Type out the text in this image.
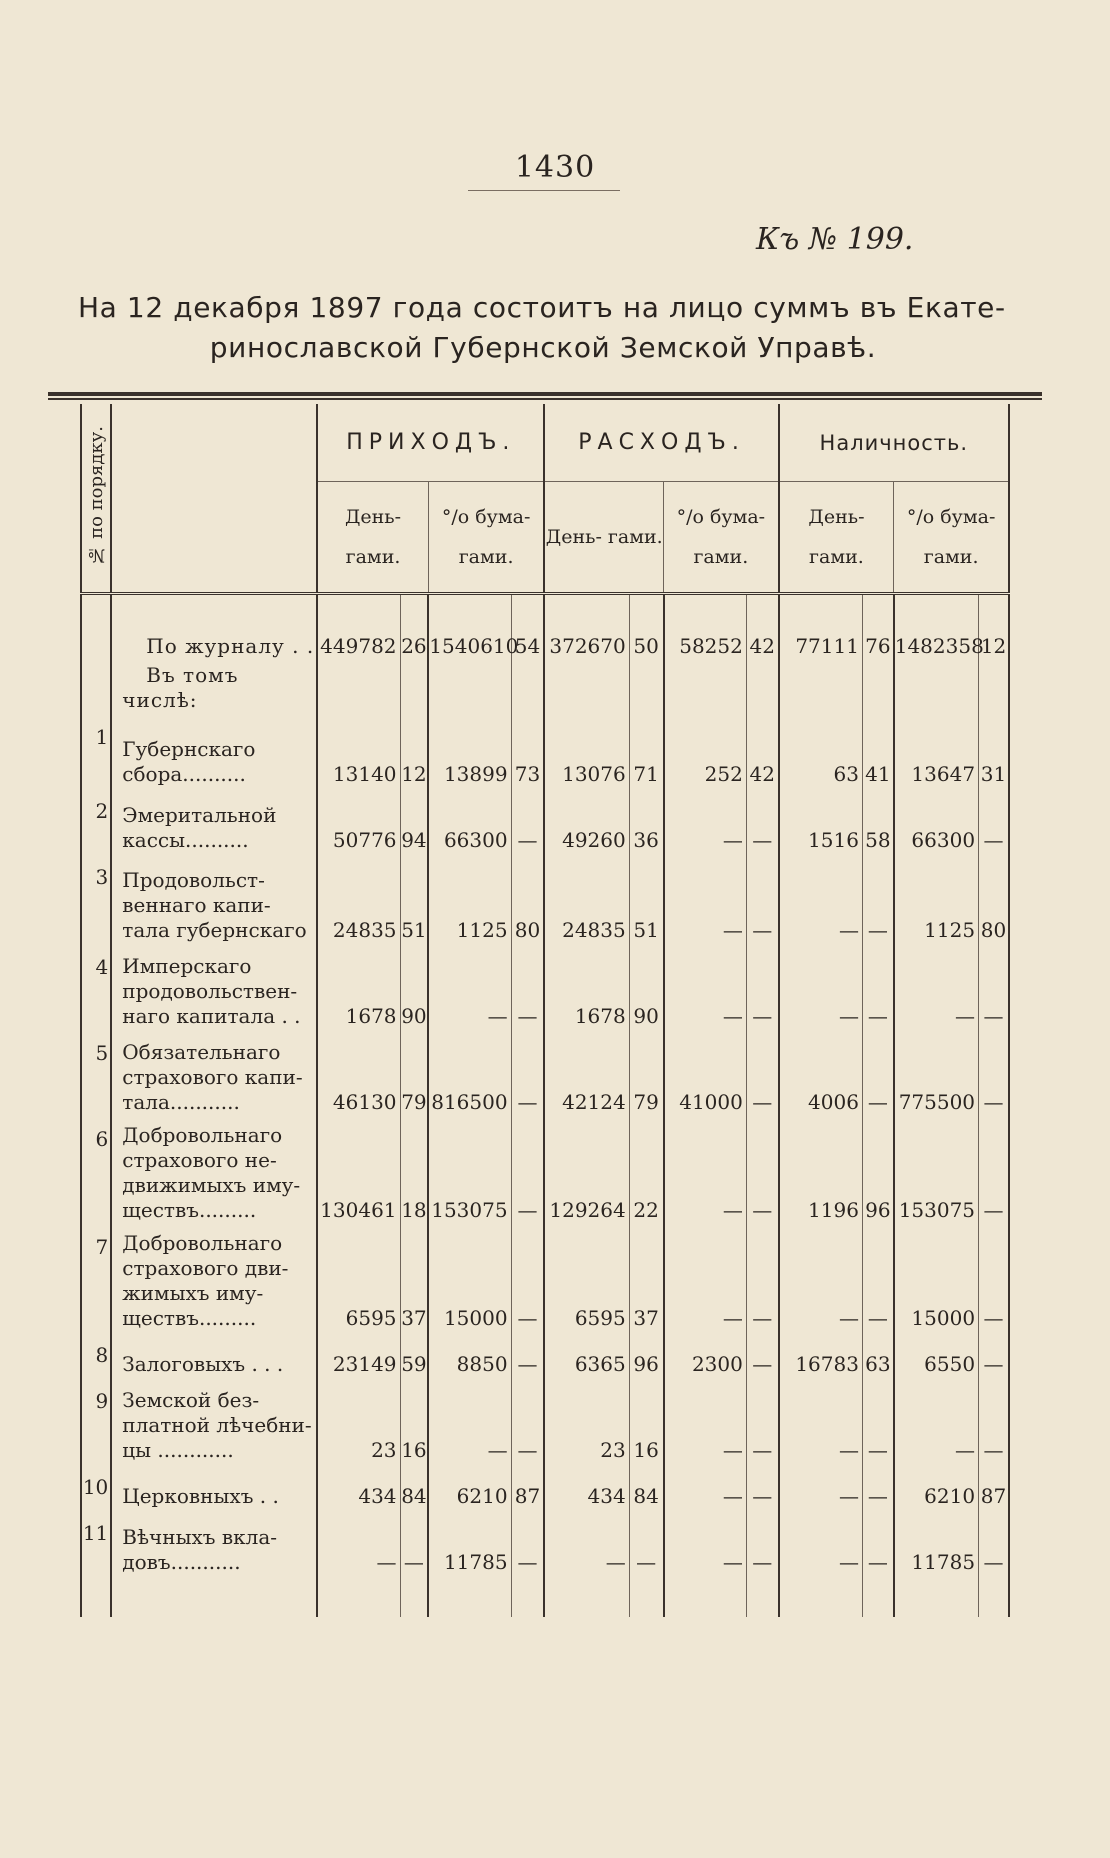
1430
Къ № 199.
На 12 декабря 1897 года состоитъ на лицо суммъ въ Екате-
ринославской Губернской Земской Управѣ.
№ по порядку.		ПРИХОДЪ.				РАСХОДЪ.				Наличность.			
		День- гами.		°/о бума- гами.		День- гами.		°/о бума- гами.		День- гами.		°/о бума- гами.	

	По журналу . .	449782	26	1540610	54	372670	50	58252	42	77111	76	1482358	12
	Въ томъ числѣ:												
1	Губернскаго сбора..........	13140	12	13899	73	13076	71	252	42	63	41	13647	31
2	Эмеритальной кассы..........	50776	94	66300	—	49260	36	—	—	1516	58	66300	—
3	Продовольст- веннаго капи- тала губернскаго	24835	51	1125	80	24835	51	—	—	—	—	1125	80
4	Имперскаго продовольствен- наго капитала . .	1678	90	—	—	1678	90	—	—	—	—	—	—
5	Обязательнаго страхового капи- тала...........	46130	79	816500	—	42124	79	41000	—	4006	—	775500	—
6	Добровольнаго страхового не- движимыхъ иму- ществъ.........	130461	18	153075	—	129264	22	—	—	1196	96	153075	—
7	Добровольнаго страхового дви- жимыхъ иму- ществъ.........	6595	37	15000	—	6595	37	—	—	—	—	15000	—
8	Залоговыхъ . . .	23149	59	8850	—	6365	96	2300	—	16783	63	6550	—
9	Земской без- платной лѣчебни- цы ............	23	16	—	—	23	16	—	—	—	—	—	—
10	Церковныхъ . .	434	84	6210	87	434	84	—	—	—	—	6210	87
11	Вѣчныхъ вкла- довъ...........	—	—	11785	—	—	—	—	—	—	—	11785	—
